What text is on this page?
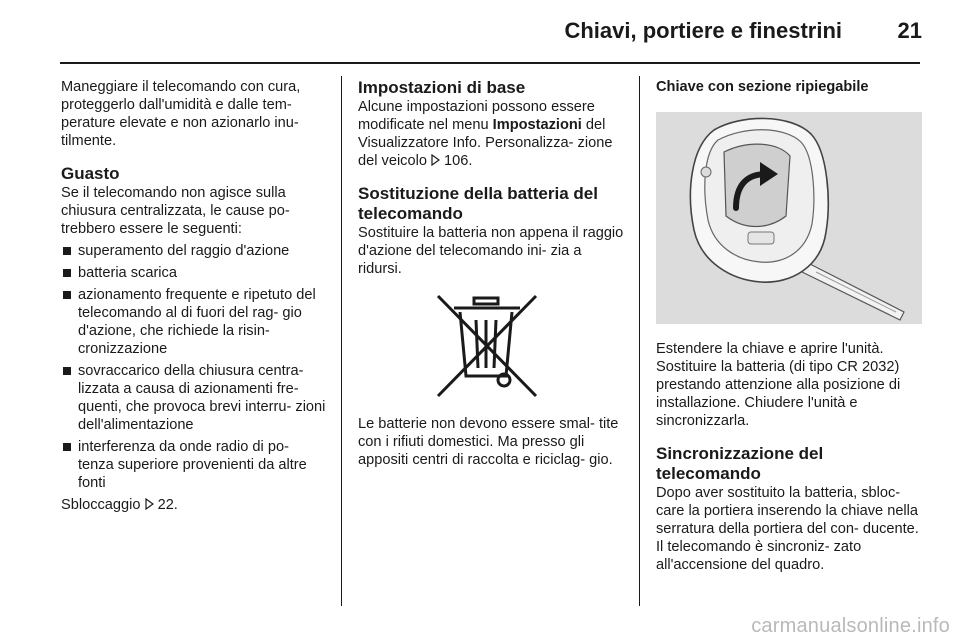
Chiavi, portiere e finestrini	21

Maneggiare il telecomando con cura, proteggerlo dall'umidità e dalle tem- perature elevate e non azionarlo inu- tilmente.

Guasto

Se il telecomando non agisce sulla chiusura centralizzata, le cause po- trebbero essere le seguenti:

superamento del raggio d'azione
batteria scarica
azionamento frequente e ripetuto del telecomando al di fuori del rag- gio d'azione, che richiede la risin- cronizzazione
sovraccarico della chiusura centra- lizzata a causa di azionamenti fre- quenti, che provoca brevi interru- zioni dell'alimentazione
interferenza da onde radio di po- tenza superiore provenienti da altre fonti

Sbloccaggio 22.

Impostazioni di base

Alcune impostazioni possono essere modificate nel menu Impostazioni del Visualizzatore Info. Personalizza- zione del veicolo 106.

Sostituzione della batteria del telecomando

Sostituire la batteria non appena il raggio d'azione del telecomando ini- zia a ridursi.

Le batterie non devono essere smal- tite con i rifiuti domestici. Ma presso gli appositi centri di raccolta e riciclag- gio.

Chiave con sezione ripiegabile

Estendere la chiave e aprire l'unità. Sostituire la batteria (di tipo CR 2032) prestando attenzione alla posizione di installazione. Chiudere l'unità e sincronizzarla.

Sincronizzazione del telecomando

Dopo aver sostituito la batteria, sbloc- care la portiera inserendo la chiave nella serratura della portiera del con- ducente. Il telecomando è sincroniz- zato all'accensione del quadro.

carmanualsonline.info
